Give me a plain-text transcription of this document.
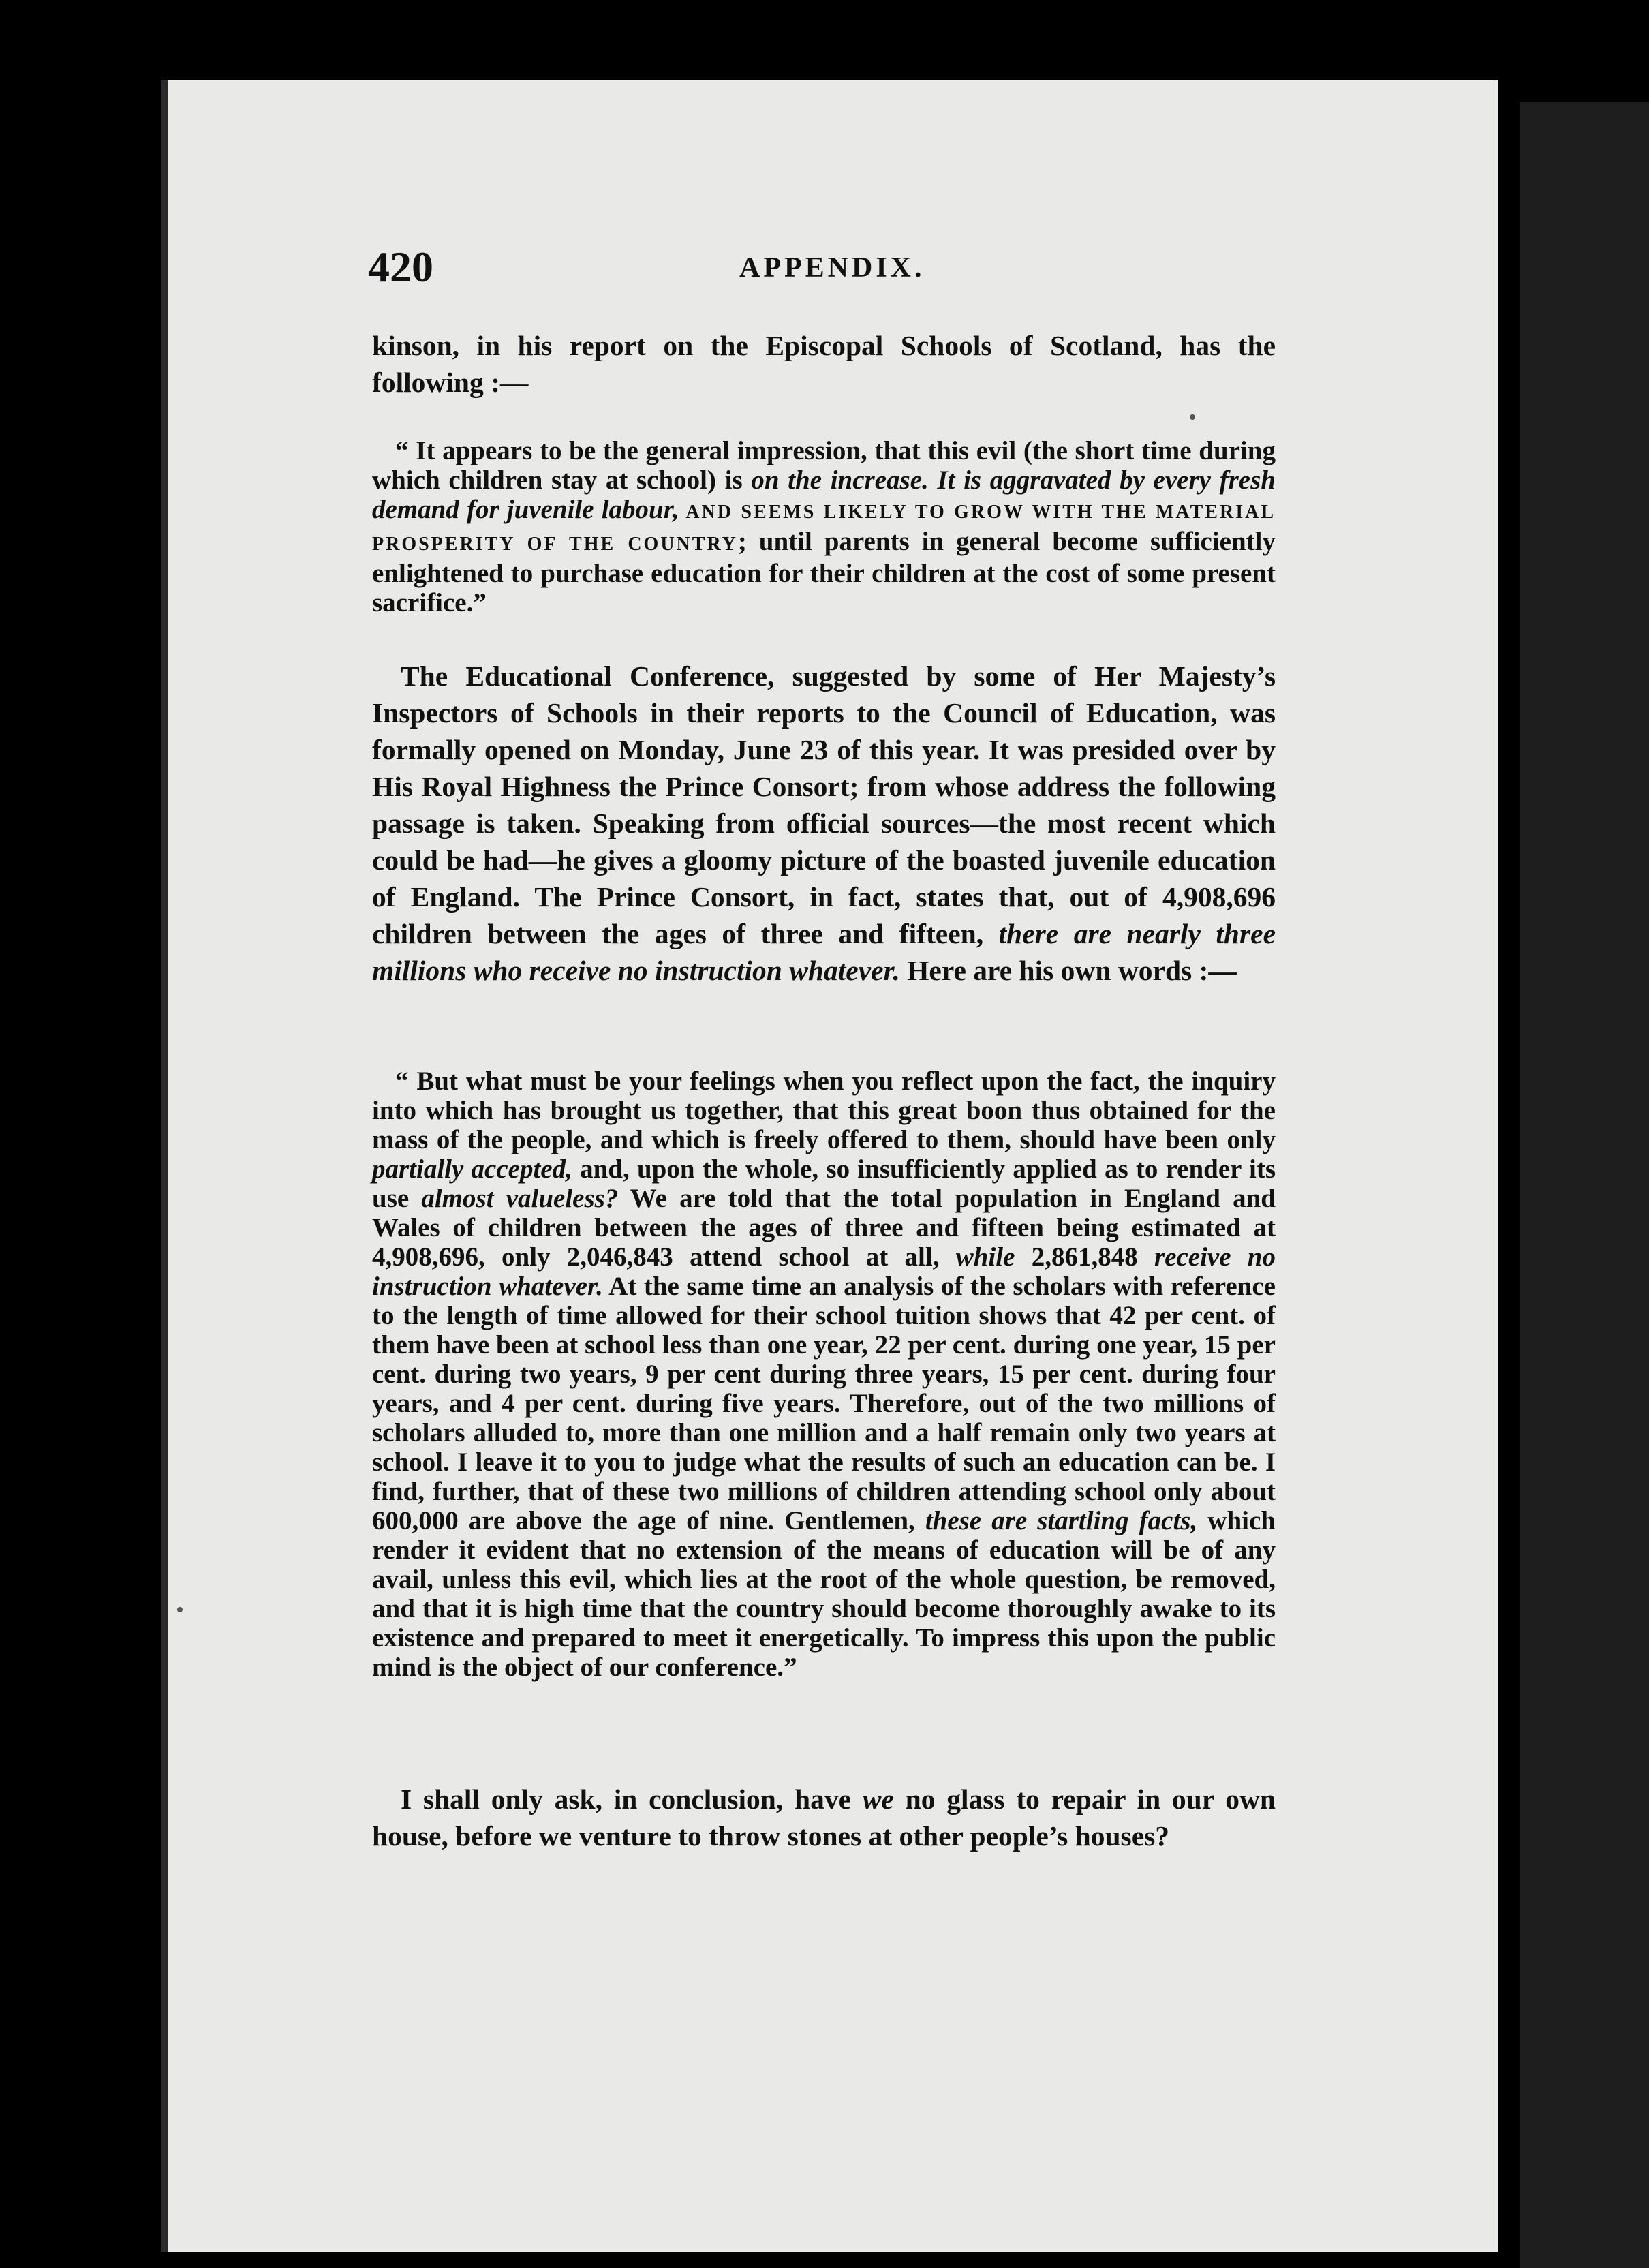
420	APPENDIX.

kinson, in his report on the Episcopal Schools of Scotland, has the following :—

“ It appears to be the general impression, that this evil (the short time during which children stay at school) is on the increase. It is aggravated by every fresh demand for juvenile labour, AND SEEMS LIKELY TO GROW WITH THE MATERIAL PROSPERITY OF THE COUNTRY; until parents in general become sufficiently enlightened to purchase education for their children at the cost of some present sacrifice.”

The Educational Conference, suggested by some of Her Majesty’s Inspectors of Schools in their reports to the Council of Education, was formally opened on Monday, June 23 of this year. It was presided over by His Royal Highness the Prince Consort; from whose address the following passage is taken. Speaking from official sources—the most recent which could be had—he gives a gloomy picture of the boasted juvenile education of England. The Prince Consort, in fact, states that, out of 4,908,696 children between the ages of three and fifteen, there are nearly three millions who receive no instruction whatever. Here are his own words :—

“ But what must be your feelings when you reflect upon the fact, the inquiry into which has brought us together, that this great boon thus obtained for the mass of the people, and which is freely offered to them, should have been only partially accepted, and, upon the whole, so insufficiently applied as to render its use almost valueless? We are told that the total population in England and Wales of children between the ages of three and fifteen being estimated at 4,908,696, only 2,046,843 attend school at all, while 2,861,848 receive no instruction whatever. At the same time an analysis of the scholars with reference to the length of time allowed for their school tuition shows that 42 per cent. of them have been at school less than one year, 22 per cent. during one year, 15 per cent. during two years, 9 per cent during three years, 15 per cent. during four years, and 4 per cent. during five years. Therefore, out of the two millions of scholars alluded to, more than one million and a half remain only two years at school. I leave it to you to judge what the results of such an education can be. I find, further, that of these two millions of children attending school only about 600,000 are above the age of nine. Gentlemen, these are startling facts, which render it evident that no extension of the means of education will be of any avail, unless this evil, which lies at the root of the whole question, be removed, and that it is high time that the country should become thoroughly awake to its existence and prepared to meet it energetically. To impress this upon the public mind is the object of our conference.”

I shall only ask, in conclusion, have we no glass to repair in our own house, before we venture to throw stones at other people’s houses?
